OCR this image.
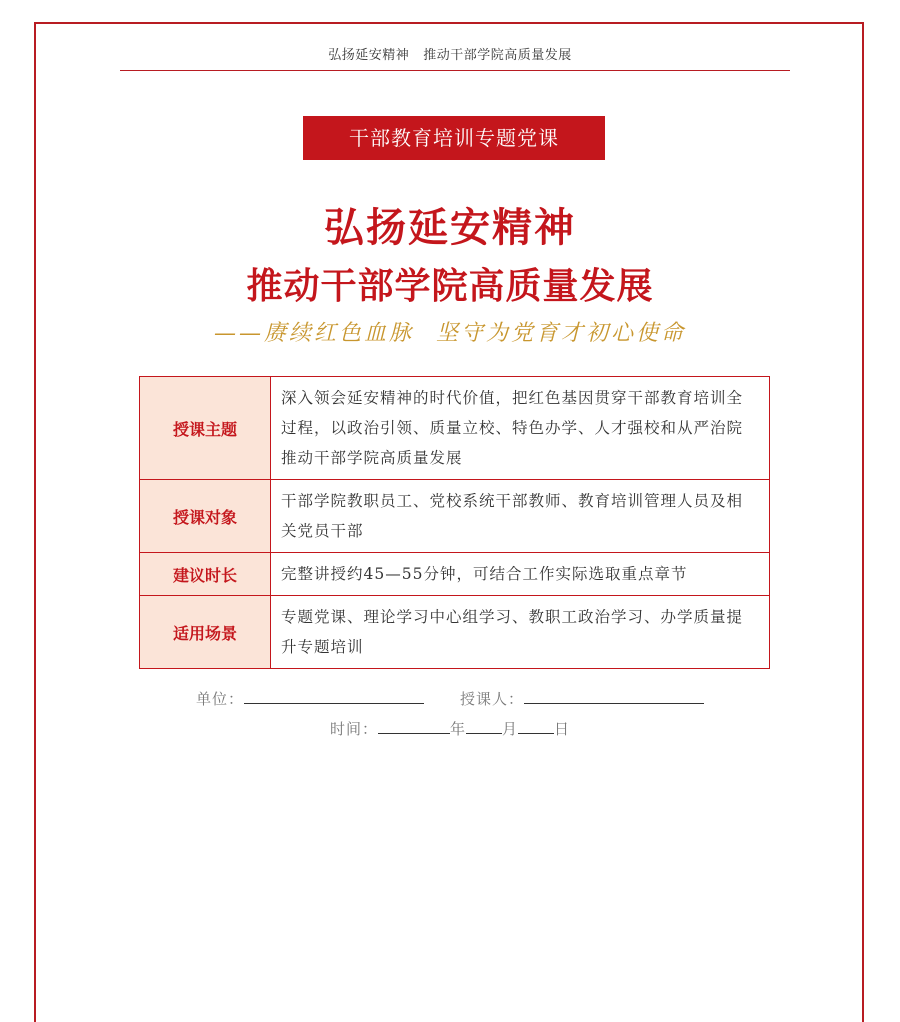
弘扬延安精神 推动干部学院高质量发展
干部教育培训专题党课
弘扬延安精神
推动干部学院高质量发展
——赓续红色血脉 坚守为党育才初心使命
授课主题	深入领会延安精神的时代价值，把红色基因贯穿干部教育培训全过程，以政治引领、质量立校、特色办学、人才强校和从严治院推动干部学院高质量发展
授课对象	干部学院教职员工、党校系统干部教师、教育培训管理人员及相关党员干部
建议时长	完整讲授约45—55分钟，可结合工作实际选取重点章节
适用场景	专题党课、理论学习中心组学习、教职工政治学习、办学质量提升专题培训
单位：	授课人：
时间：	年 月 日
